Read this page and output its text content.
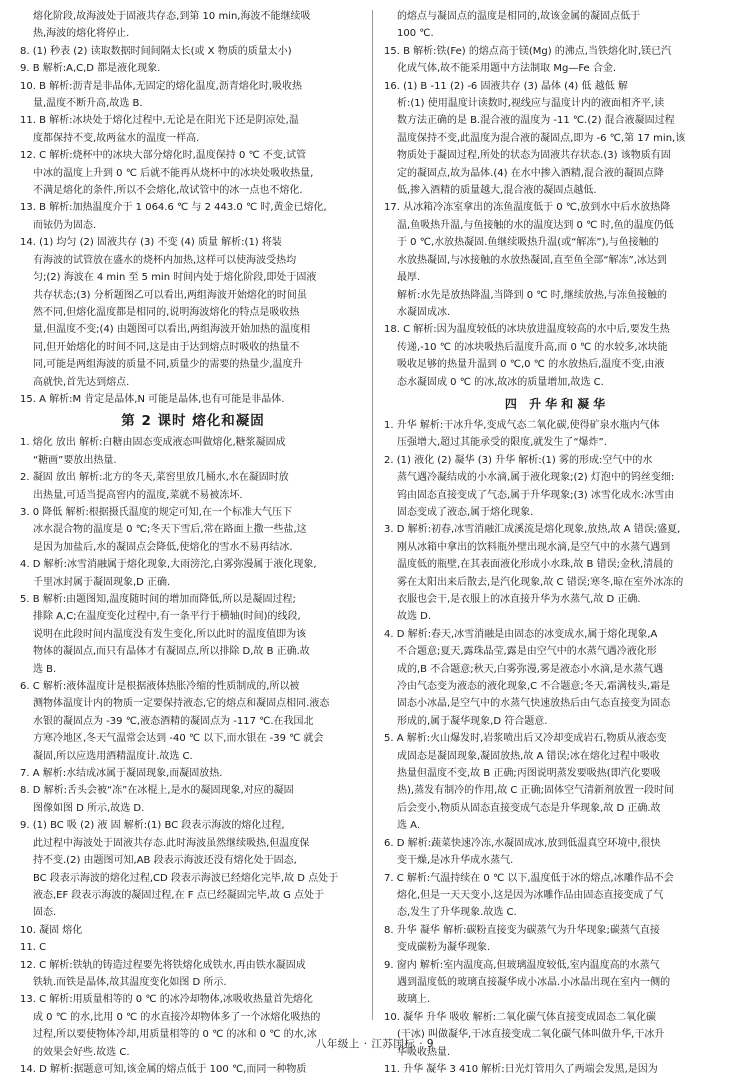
熔化阶段,故海波处于固液共存态,到第 10 min,海波不能继续吸
热,海波的熔化将停止.
8. (1) 秒表 (2) 读取数据时间间隔太长(或 X 物质的质量太小)
9. B 解析:A,C,D 都是液化现象.
10. B 解析:沥青是非晶体,无固定的熔化温度,沥青熔化时,吸收热
量,温度不断升高,故选 B.
11. B 解析:冰块处于熔化过程中,无论是在阳光下还是阴凉处,温
度都保持不变,故两盆水的温度一样高.
12. C 解析:烧杯中的冰块大部分熔化时,温度保持 0 ℃ 不变,试管
中冰的温度上升到 0 ℃ 后就不能再从烧杯中的冰块处吸收热量,
不满足熔化的条件,所以不会熔化,故试管中的冰一点也不熔化.
13. B 解析:加热温度介于 1 064.6 ℃ 与 2 443.0 ℃ 时,黄金已熔化,
而铱仍为固态.
14. (1) 均匀 (2) 固液共存 (3) 不变 (4) 质量 解析:(1) 将装
有海波的试管放在盛水的烧杯内加热,这样可以使海波受热均
匀;(2) 海波在 4 min 至 5 min 时间内处于熔化阶段,即处于固液
共存状态;(3) 分析题图乙可以看出,两组海波开始熔化的时间虽
然不同,但熔化温度都是相同的,说明海波熔化的特点是吸收热
量,但温度不变;(4) 由题图可以看出,两组海波开始加热的温度相
同,但开始熔化的时间不同,这是由于达到熔点时吸收的热量不
同,可能是两组海波的质量不同,质量少的需要的热量少,温度升
高就快,首先达到熔点.
15. A 解析:M 肯定是晶体,N 可能是晶体,也有可能是非晶体.
第 2 课时 熔化和凝固
1. 熔化 放出 解析:白糖由固态变成液态叫做熔化,糖浆凝固成
“糖画”要放出热量.
2. 凝固 放出 解析:北方的冬天,菜窖里放几桶水,水在凝固时放
出热量,可适当提高窖内的温度,菜就不易被冻坏.
3. 0 降低 解析:根据摄氏温度的规定可知,在一个标准大气压下
冰水混合物的温度是 0 ℃;冬天下雪后,常在路面上撒一些盐,这
是因为加盐后,水的凝固点会降低,使熔化的雪水不易再结冰.
4. D 解析:冰雪消融属于熔化现象,大雨滂沱,白雾弥漫属于液化现象,
千里冰封属于凝固现象,D 正确.
5. B 解析:由题图知,温度随时间的增加而降低,所以是凝固过程;
排除 A,C;在温度变化过程中,有一条平行于横轴(时间)的线段,
说明在此段时间内温度没有发生变化,所以此时的温度值即为该
物体的凝固点,而只有晶体才有凝固点,所以排除 D,故 B 正确.故
选 B.
6. C 解析:液体温度计是根据液体热胀冷缩的性质制成的,所以被
测物体温度计内的物质一定要保持液态,它的熔点和凝固点相同.液态
水银的凝固点为 -39 ℃,液态酒精的凝固点为 -117 ℃.在我国北
方寒冷地区,冬天气温常会达到 -40 ℃ 以下,而水银在 -39 ℃ 就会
凝固,所以应选用酒精温度计.故选 C.
7. A 解析:水结成冰属于凝固现象,而凝固放热.
8. D 解析:舌头会被“冻”在冰棍上,是水的凝固现象,对应的凝固
图像如图 D 所示,故选 D.
9. (1) BC 吸 (2) 液 固 解析:(1) BC 段表示海波的熔化过程,
此过程中海波处于固液共存态.此时海波虽然继续吸热,但温度保
持不变.(2) 由题图可知,AB 段表示海波还没有熔化处于固态,
BC 段表示海波的熔化过程,CD 段表示海波已经熔化完毕,故 D 点处于
液态,EF 段表示海波的凝固过程,在 F 点已经凝固完毕,故 G 点处于
固态.
10. 凝固 熔化
11. C
12. C 解析:铁轨的铸造过程要先将铁熔化成铁水,再由铁水凝固成
铁轨.而铁是晶体,故其温度变化如图 D 所示.
13. C 解析:用质量相等的 0 ℃ 的冰冷却物体,冰吸收热量首先熔化
成 0 ℃ 的水,比用 0 ℃ 的水直接冷却物体多了一个冰熔化吸热的
过程,所以要使物体冷却,用质量相等的 0 ℃ 的冰和 0 ℃ 的水,冰
的效果会好些.故选 C.
14. D 解析:据题意可知,该金属的熔点低于 100 ℃,而同一种物质
的熔点与凝固点的温度是相同的,故该金属的凝固点低于
100 ℃.
15. B 解析:铁(Fe) 的熔点高于镁(Mg) 的沸点,当铁熔化时,镁已汽
化成气体,故不能采用题中方法制取 Mg—Fe 合金.
16. (1) B -11 (2) -6 固液共存 (3) 晶体 (4) 低 越低 解
析:(1) 使用温度计读数时,视线应与温度计内的液面相齐平,读
数方法正确的是 B.混合液的温度为 -11 ℃.(2) 混合液凝固过程
温度保持不变,此温度为混合液的凝固点,即为 -6 ℃,第 17 min,该
物质处于凝固过程,所处的状态为固液共存状态.(3) 该物质有固
定的凝固点,故为晶体.(4) 在水中掺入酒精,混合液的凝固点降
低,掺入酒精的质量越大,混合液的凝固点越低.
17. 从冰箱冷冻室拿出的冻鱼温度低于 0 ℃,放到水中后水放热降
温,鱼吸热升温,与鱼接触的水的温度达到 0 ℃ 时,鱼的温度仍低
于 0 ℃,水放热凝固.鱼继续吸热升温(或“解冻”),与鱼接触的
水放热凝固,与冰接触的水放热凝固,直至鱼全部“解冻”,冰达到
最厚.
解析:水先是放热降温,当降到 0 ℃ 时,继续放热,与冻鱼接触的
水凝固成冰.
18. C 解析:因为温度较低的冰块放进温度较高的水中后,要发生热
传递,-10 ℃ 的冰块吸热后温度升高,而 0 ℃ 的水较多,冰块能
吸收足够的热量升温到 0 ℃,0 ℃ 的水放热后,温度不变,由液
态水凝固成 0 ℃ 的冰,故冰的质量增加,故选 C.
四 升华和凝华
1. 升华 解析:干冰升华,变成气态二氧化碳,使得矿泉水瓶内气体
压强增大,超过其能承受的限度,就发生了“爆炸”.
2. (1) 液化 (2) 凝华 (3) 升华 解析:(1) 雾的形成:空气中的水
蒸气遇冷凝结成的小水滴,属于液化现象;(2) 灯泡中的钨丝变细:
钨由固态直接变成了气态,属于升华现象;(3) 冰雪化成水:冰雪由
固态变成了液态,属于熔化现象.
3. D 解析:初春,冰雪消融汇成溪流是熔化现象,放热,故 A 错误;盛夏,
刚从冰箱中拿出的饮料瓶外壁出现水滴,是空气中的水蒸气遇到
温度低的瓶壁,在其表面液化形成小水珠,故 B 错误;金秋,清晨的
雾在太阳出来后散去,是汽化现象,故 C 错误;寒冬,晾在室外冰冻的
衣服也会干,是衣服上的冰直接升华为水蒸气,故 D 正确.
故选 D.
4. D 解析:春天,冰雪消融是由固态的冰变成水,属于熔化现象,A
不合题意;夏天,露珠晶莹,露是由空气中的水蒸气遇冷液化形
成的,B 不合题意;秋天,白雾弥漫,雾是液态小水滴,是水蒸气遇
冷由气态变为液态的液化现象,C 不合题意;冬天,霜满枝头,霜是
固态小冰晶,是空气中的水蒸气快速放热后由气态直接变为固态
形成的,属于凝华现象,D 符合题意.
5. A 解析:火山爆发时,岩浆喷出后又冷却变成岩石,物质从液态变
成固态是凝固现象,凝固放热,故 A 错误;冰在熔化过程中吸收
热量但温度不变,故 B 正确;丙图说明蒸发要吸热(即汽化要吸
热),蒸发有制冷的作用,故 C 正确;固体空气清新剂放置一段时间
后会变小,物质从固态直接变成气态是升华现象,故 D 正确.故
选 A.
6. D 解析:蔬菜快速冷冻,水凝固成冰,放到低温真空环境中,很快
变干燥,是冰升华成水蒸气.
7. C 解析:气温持续在 0 ℃ 以下,温度低于冰的熔点,冰雕作品不会
熔化,但是一天天变小,这是因为冰雕作品由固态直接变成了气
态,发生了升华现象.故选 C.
8. 升华 凝华 解析:碳粉直接变为碳蒸气为升华现象;碳蒸气直接
变成碳粉为凝华现象.
9. 窗内 解析:室内温度高,但玻璃温度较低,室内温度高的水蒸气
遇到温度低的玻璃直接凝华成小冰晶.小冰晶出现在室内一侧的
玻璃上.
10. 凝华 升华 吸收 解析:二氧化碳气体直接变成固态二氧化碳
(干冰) 叫做凝华,干冰直接变成二氧化碳气体叫做升华,干冰升
华吸收热量.
11. 升华 凝华 3 410 解析:日光灯管用久了两端会发黑,是因为
八年级上 · 江苏国标 · 9
